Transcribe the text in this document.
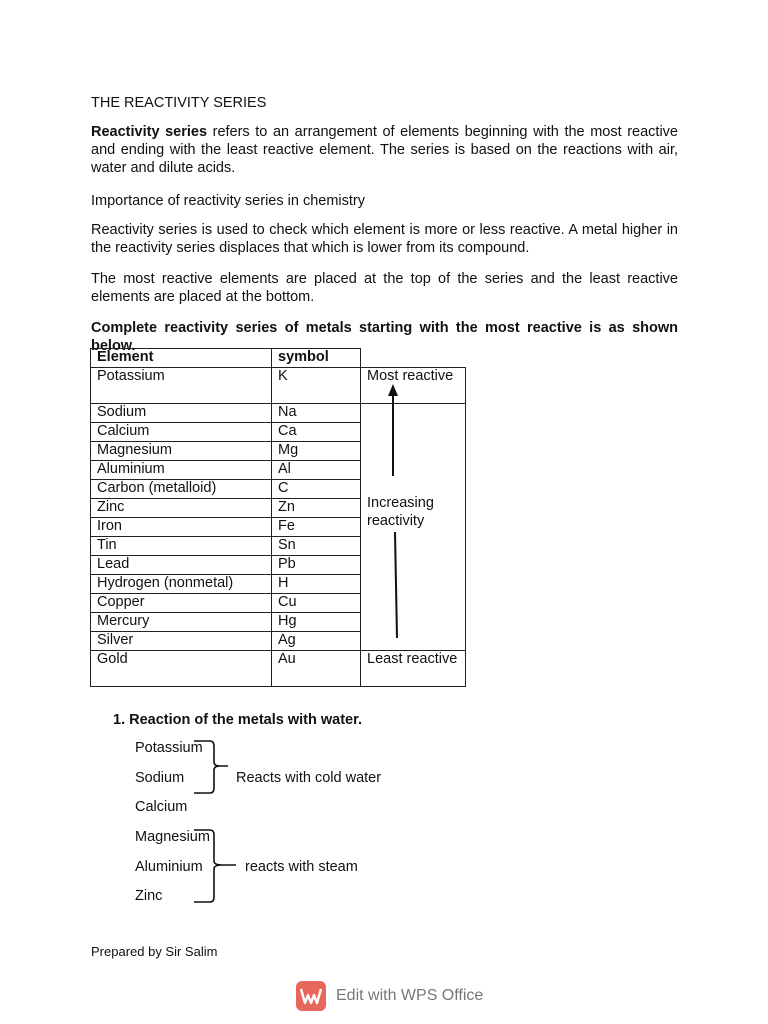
THE REACTIVITY SERIES

Reactivity series refers to an arrangement of elements beginning with the most reactive and ending with the least reactive element. The series is based on the reactions with air, water and dilute acids.

Importance of reactivity series in chemistry

Reactivity series is used to check which element is more or less reactive. A metal higher in the reactivity series displaces that which is lower from its compound.

The most reactive elements are placed at the top of the series and the least reactive elements are placed at the bottom.

Complete reactivity series of metals starting with the most reactive is as shown below.

Element	symbol	
Potassium	K	Most reactive
Sodium	Na	Increasing reactivity

Calcium	Ca	
Magnesium	Mg	
Aluminium	Al	
Carbon (metalloid)	C	
Zinc	Zn	
Iron	Fe	
Tin	Sn	
Lead	Pb	
Hydrogen (nonmetal)	H	
Copper	Cu	
Mercury	Hg	
Silver	Ag	
Gold	Au	Least reactive
1. Reaction of the metals with water.
Potassium
Sodium
Calcium
Magnesium
Aluminium
Zinc
Reacts with cold water
reacts with steam
Prepared by Sir Salim
Edit with WPS Office
